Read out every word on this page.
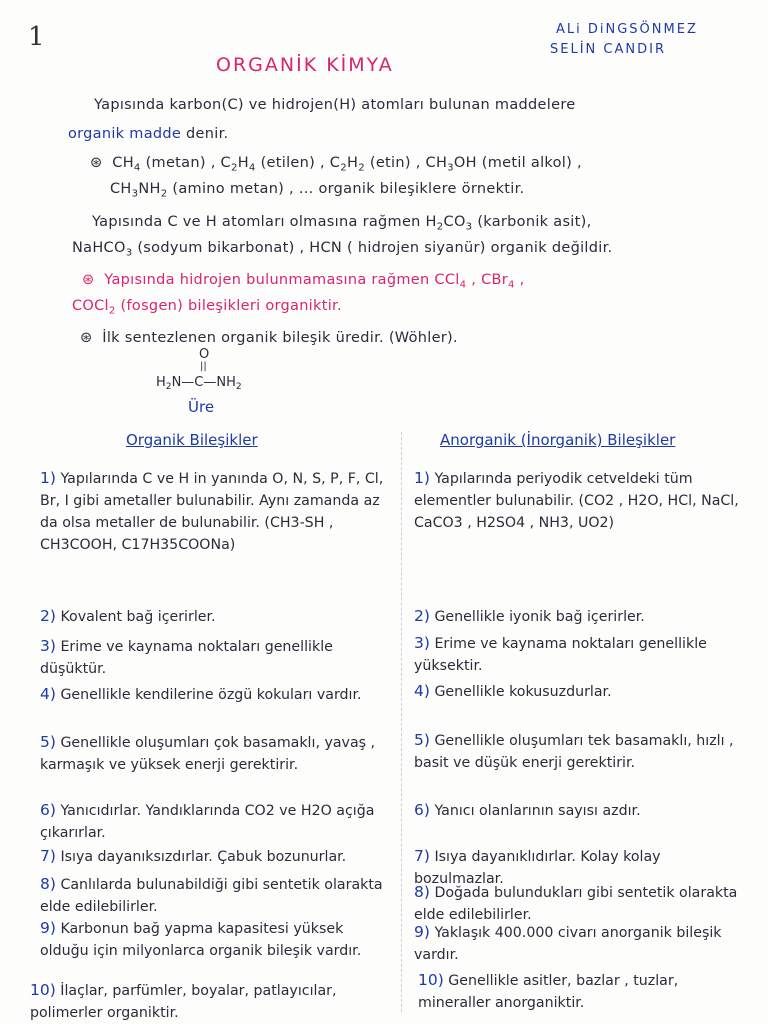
1	ALi DiNGSÖNMEZ
SELİN CANDIR
ORGANİK KİMYA
Yapısında karbon(C) ve hidrojen(H) atomları bulunan maddelere
organik madde denir.
⊛ $CH_4$ (metan) , $C_2H_4$ (etilen) , $C_2H_2$ (etin) , $CH_3OH$ (metil alkol) ,
$CH_3NH_2$ (amino metan) , ... organik bileşiklere örnektir.
Yapısında C ve H atomları olmasına rağmen $H_2CO_3$ (karbonik asit),
NaHCO$_3$ (sodyum bikarbonat) , HCN ( hidrojen siyanür) organik değildir.
⊛ Yapısında hidrojen bulunmamasına rağmen CCl$_4$ , CBr$_4$ ,
COCl$_2$ (fosgen) bileşikleri organiktir.
⊛ İlk sentezlenen organik bileşik üredir. (Wöhler).
O
||
$H_2N—C—NH_2$
Üre
Organik Bileşikler	Anorganik (İnorganik) Bileşikler
1) Yapılarında C ve H in yanında O, N, S, P, F, Cl, Br, I gibi ametaller bulunabilir. Aynı zamanda az da olsa metaller de bulunabilir. (CH3-SH , CH3COOH, C17H35COONa)
2) Kovalent bağ içerirler.
3) Erime ve kaynama noktaları genellikle düşüktür.
4) Genellikle kendilerine özgü kokuları vardır.
5) Genellikle oluşumları çok basamaklı, yavaş , karmaşık ve yüksek enerji gerektirir.
6) Yanıcıdırlar. Yandıklarında CO2 ve H2O açığa çıkarırlar.
7) Isıya dayanıksızdırlar. Çabuk bozunurlar.
8) Canlılarda bulunabildiği gibi sentetik olarakta elde edilebilirler.
9) Karbonun bağ yapma kapasitesi yüksek olduğu için milyonlarca organik bileşik vardır.
10) İlaçlar, parfümler, boyalar, patlayıcılar, polimerler organiktir.
1) Yapılarında periyodik cetveldeki tüm elementler bulunabilir. (CO2 , H2O, HCl, NaCl, CaCO3 , H2SO4 , NH3, UO2)
2) Genellikle iyonik bağ içerirler.
3) Erime ve kaynama noktaları genellikle yüksektir.
4) Genellikle kokusuzdurlar.
5) Genellikle oluşumları tek basamaklı, hızlı , basit ve düşük enerji gerektirir.
6) Yanıcı olanlarının sayısı azdır.
7) Isıya dayanıklıdırlar. Kolay kolay bozulmazlar.
8) Doğada bulundukları gibi sentetik olarakta elde edilebilirler.
9) Yaklaşık 400.000 civarı anorganik bileşik vardır.
10) Genellikle asitler, bazlar , tuzlar, mineraller anorganiktir.
